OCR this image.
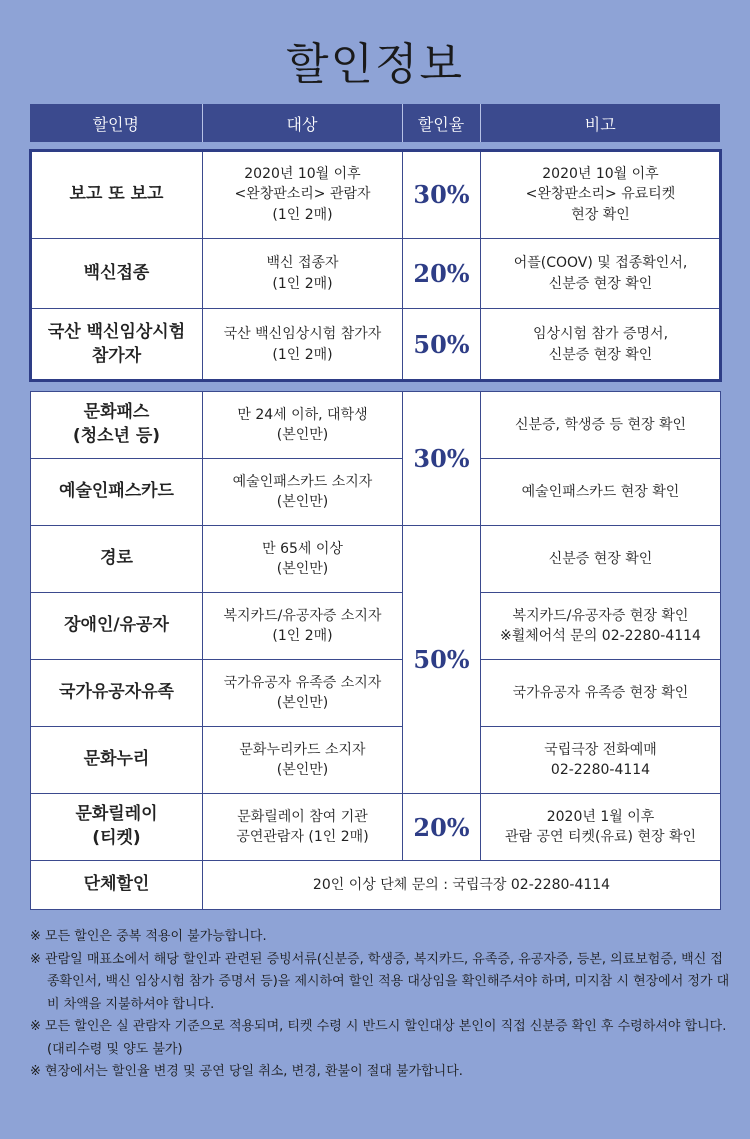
할인정보
할인명	대상	할인율	비고
보고 또 보고	2020년 10월 이후
<완창판소리> 관람자
(1인 2매)	30%	2020년 10월 이후
<완창판소리> 유료티켓
현장 확인
백신접종	백신 접종자
(1인 2매)	20%	어플(COOV) 및 접종확인서,
신분증 현장 확인
국산 백신임상시험
참가자	국산 백신임상시험 참가자
(1인 2매)	50%	임상시험 참가 증명서,
신분증 현장 확인
문화패스
(청소년 등)	만 24세 이하, 대학생
(본인만)	30%	신분증, 학생증 등 현장 확인
예술인패스카드	예술인패스카드 소지자
(본인만)		예술인패스카드 현장 확인
경로	만 65세 이상
(본인만)	50%	신분증 현장 확인
장애인/유공자	복지카드/유공자증 소지자
(1인 2매)		복지카드/유공자증 현장 확인
※휠체어석 문의 02-2280-4114
국가유공자유족	국가유공자 유족증 소지자
(본인만)		국가유공자 유족증 현장 확인
문화누리	문화누리카드 소지자
(본인만)		국립극장 전화예매
02-2280-4114
문화릴레이
(티켓)	문화릴레이 참여 기관
공연관람자 (1인 2매)	20%	2020년 1월 이후
관람 공연 티켓(유료) 현장 확인
단체할인	20인 이상 단체 문의 : 국립극장 02-2280-4114		

※ 모든 할인은 중복 적용이 불가능합니다.

※ 관람일 매표소에서 해당 할인과 관련된 증빙서류(신분증, 학생증, 복지카드, 유족증, 유공자증, 등본, 의료보험증, 백신 접종확인서, 백신 임상시험 참가 증명서 등)을 제시하여 할인 적용 대상임을 확인해주셔야 하며, 미지참 시 현장에서 정가 대비 차액을 지불하셔야 합니다.

※ 모든 할인은 실 관람자 기준으로 적용되며, 티켓 수령 시 반드시 할인대상 본인이 직접 신분증 확인 후 수령하셔야 합니다. (대리수령 및 양도 불가)

※ 현장에서는 할인율 변경 및 공연 당일 취소, 변경, 환불이 절대 불가합니다.
